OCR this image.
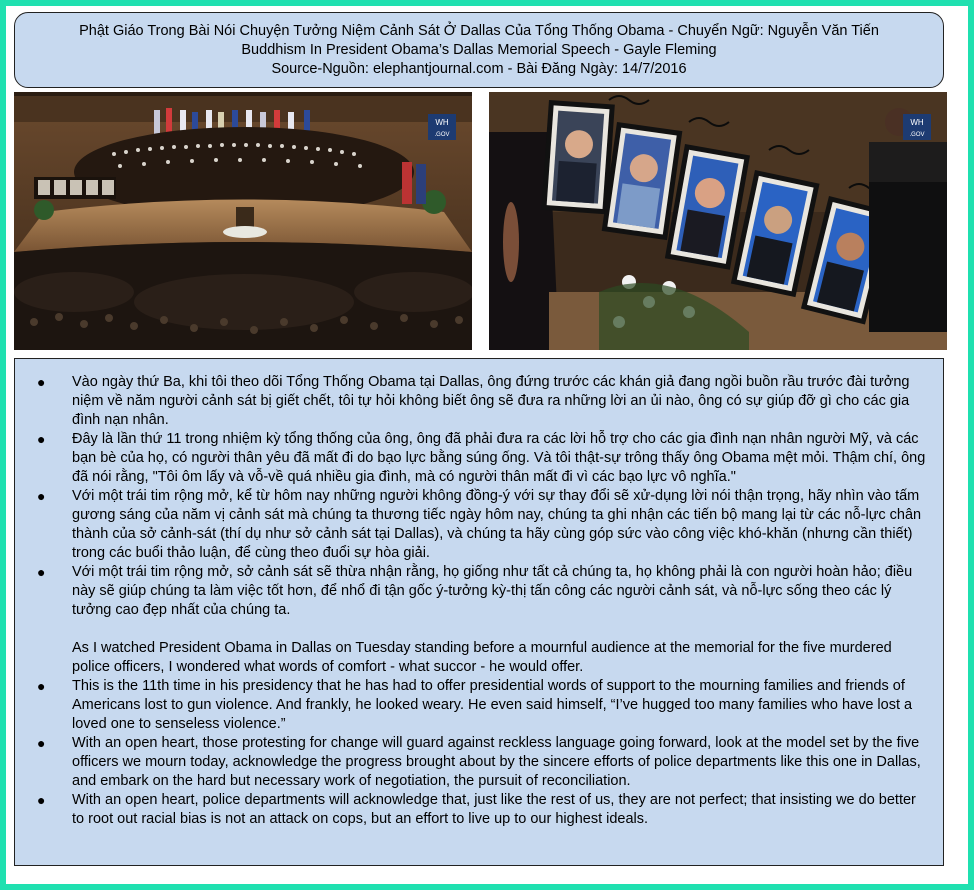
Phật Giáo Trong Bài Nói Chuyện Tưởng Niệm Cảnh Sát Ở Dallas Của Tổng Thống Obama - Chuyển Ngữ: Nguyễn Văn Tiến
Buddhism In President Obama’s Dallas Memorial Speech - Gayle Fleming
Source-Nguồn: elephantjournal.com - Bài Đăng Ngày: 14/7/2016
WH
.GOV
WH
.GOV
● Vào ngày thứ Ba, khi tôi theo dõi Tổng Thống Obama tại Dallas, ông đứng trước các khán giả đang ngồi buồn rầu trước đài tưởng niệm về năm người cảnh sát bị giết chết, tôi tự hỏi không biết ông sẽ đưa ra những lời an ủi nào, ông có sự giúp đỡ gì cho các gia đình nạn nhân.
● Đây là lần thứ 11 trong nhiệm kỳ tổng thống của ông, ông đã phải đưa ra các lời hỗ trợ cho các gia đình nạn nhân người Mỹ, và các bạn bè của họ, có người thân yêu đã mất đi do bạo lực bằng súng ống. Và tôi thật-sự trông thấy ông Obama mệt mỏi. Thậm chí, ông đã nói rằng, "Tôi ôm lấy và vỗ-về quá nhiều gia đình, mà có người thân mất đi vì các bạo lực vô nghĩa."
● Với một trái tim rộng mở, kể từ hôm nay những người không đồng-ý với sự thay đổi sẽ xử-dụng lời nói thận trọng, hãy nhìn vào tấm gương sáng của năm vị cảnh sát mà chúng ta thương tiếc ngày hôm nay, chúng ta ghi nhận các tiến bộ mang lại từ các nỗ-lực chân thành của sở cảnh-sát (thí dụ như sở cảnh sát tại Dallas), và chúng ta hãy cùng góp sức vào công việc khó-khăn (nhưng cần thiết) trong các buổi thảo luận, để cùng theo đuổi sự hòa giải.
● Với một trái tim rộng mở, sở cảnh sát sẽ thừa nhận rằng, họ giống như tất cả chúng ta, họ không phải là con người hoàn hảo; điều này sẽ giúp chúng ta làm việc tốt hơn, để nhổ đi tận gốc ý-tưởng kỳ-thị tấn công các người cảnh sát, và nỗ-lực sống theo các lý tưởng cao đẹp nhất của chúng ta.
As I watched President Obama in Dallas on Tuesday standing before a mournful audience at the memorial for the five murdered police officers, I wondered what words of comfort - what succor - he would offer.
● This is the 11th time in his presidency that he has had to offer presidential words of support to the mourning families and friends of Americans lost to gun violence. And frankly, he looked weary. He even said himself, “I’ve hugged too many families who have lost a loved one to senseless violence.”
● With an open heart, those protesting for change will guard against reckless language going forward, look at the model set by the five officers we mourn today, acknowledge the progress brought about by the sincere efforts of police departments like this one in Dallas, and embark on the hard but necessary work of negotiation, the pursuit of reconciliation.
● With an open heart, police departments will acknowledge that, just like the rest of us, they are not perfect; that insisting we do better to root out racial bias is not an attack on cops, but an effort to live up to our highest ideals.
